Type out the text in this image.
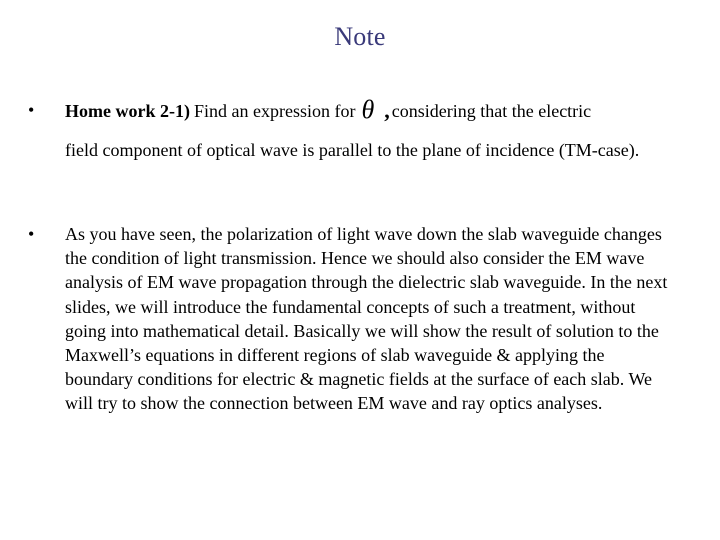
Note
• Home work 2-1) Find an expression for θ , considering that the electric
field component of optical wave is parallel to the plane of incidence (TM-case).
• As you have seen, the polarization of light wave down the slab waveguide changes the condition of light transmission. Hence we should also consider the EM wave analysis of EM wave propagation through the dielectric slab waveguide. In the next slides, we will introduce the fundamental concepts of such a treatment, without going into mathematical detail. Basically we will show the result of solution to the Maxwell’s equations in different regions of slab waveguide & applying the boundary conditions for electric & magnetic fields at the surface of each slab. We will try to show the connection between EM wave and ray optics analyses.
